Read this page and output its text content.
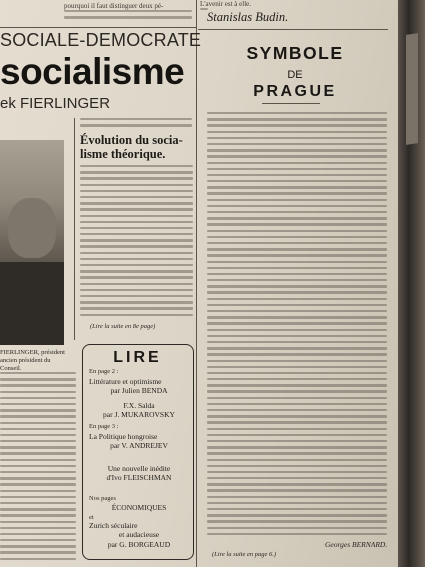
pourquoi il faut distinguer deux pé-	L'avenir est à elle.
Stanislas Budin.
SOCIALE-DEMOCRATE
socialisme
ek FIERLINGER
FIERLINGER, président
ancien président du Conseil.
Évolution du socia-lisme théorique.
(Lire la suite en 8e page)
LIRE
En page 2 :
Littérature et optimisme
par Julien BENDA
F.X. Salda
par J. MUKAROVSKY
En page 3 :
La Politique hongroise
par V. ANDREJEV
Une nouvelle inédite
d'Ivo FLEISCHMAN
Nos pages
ÉCONOMIQUES
et
Zurich séculaire
et audacieuse
par G. BORGEAUD
SYMBOLE
DE
PRAGUE
Georges BERNARD.
(Lire la suite en page 6.)
